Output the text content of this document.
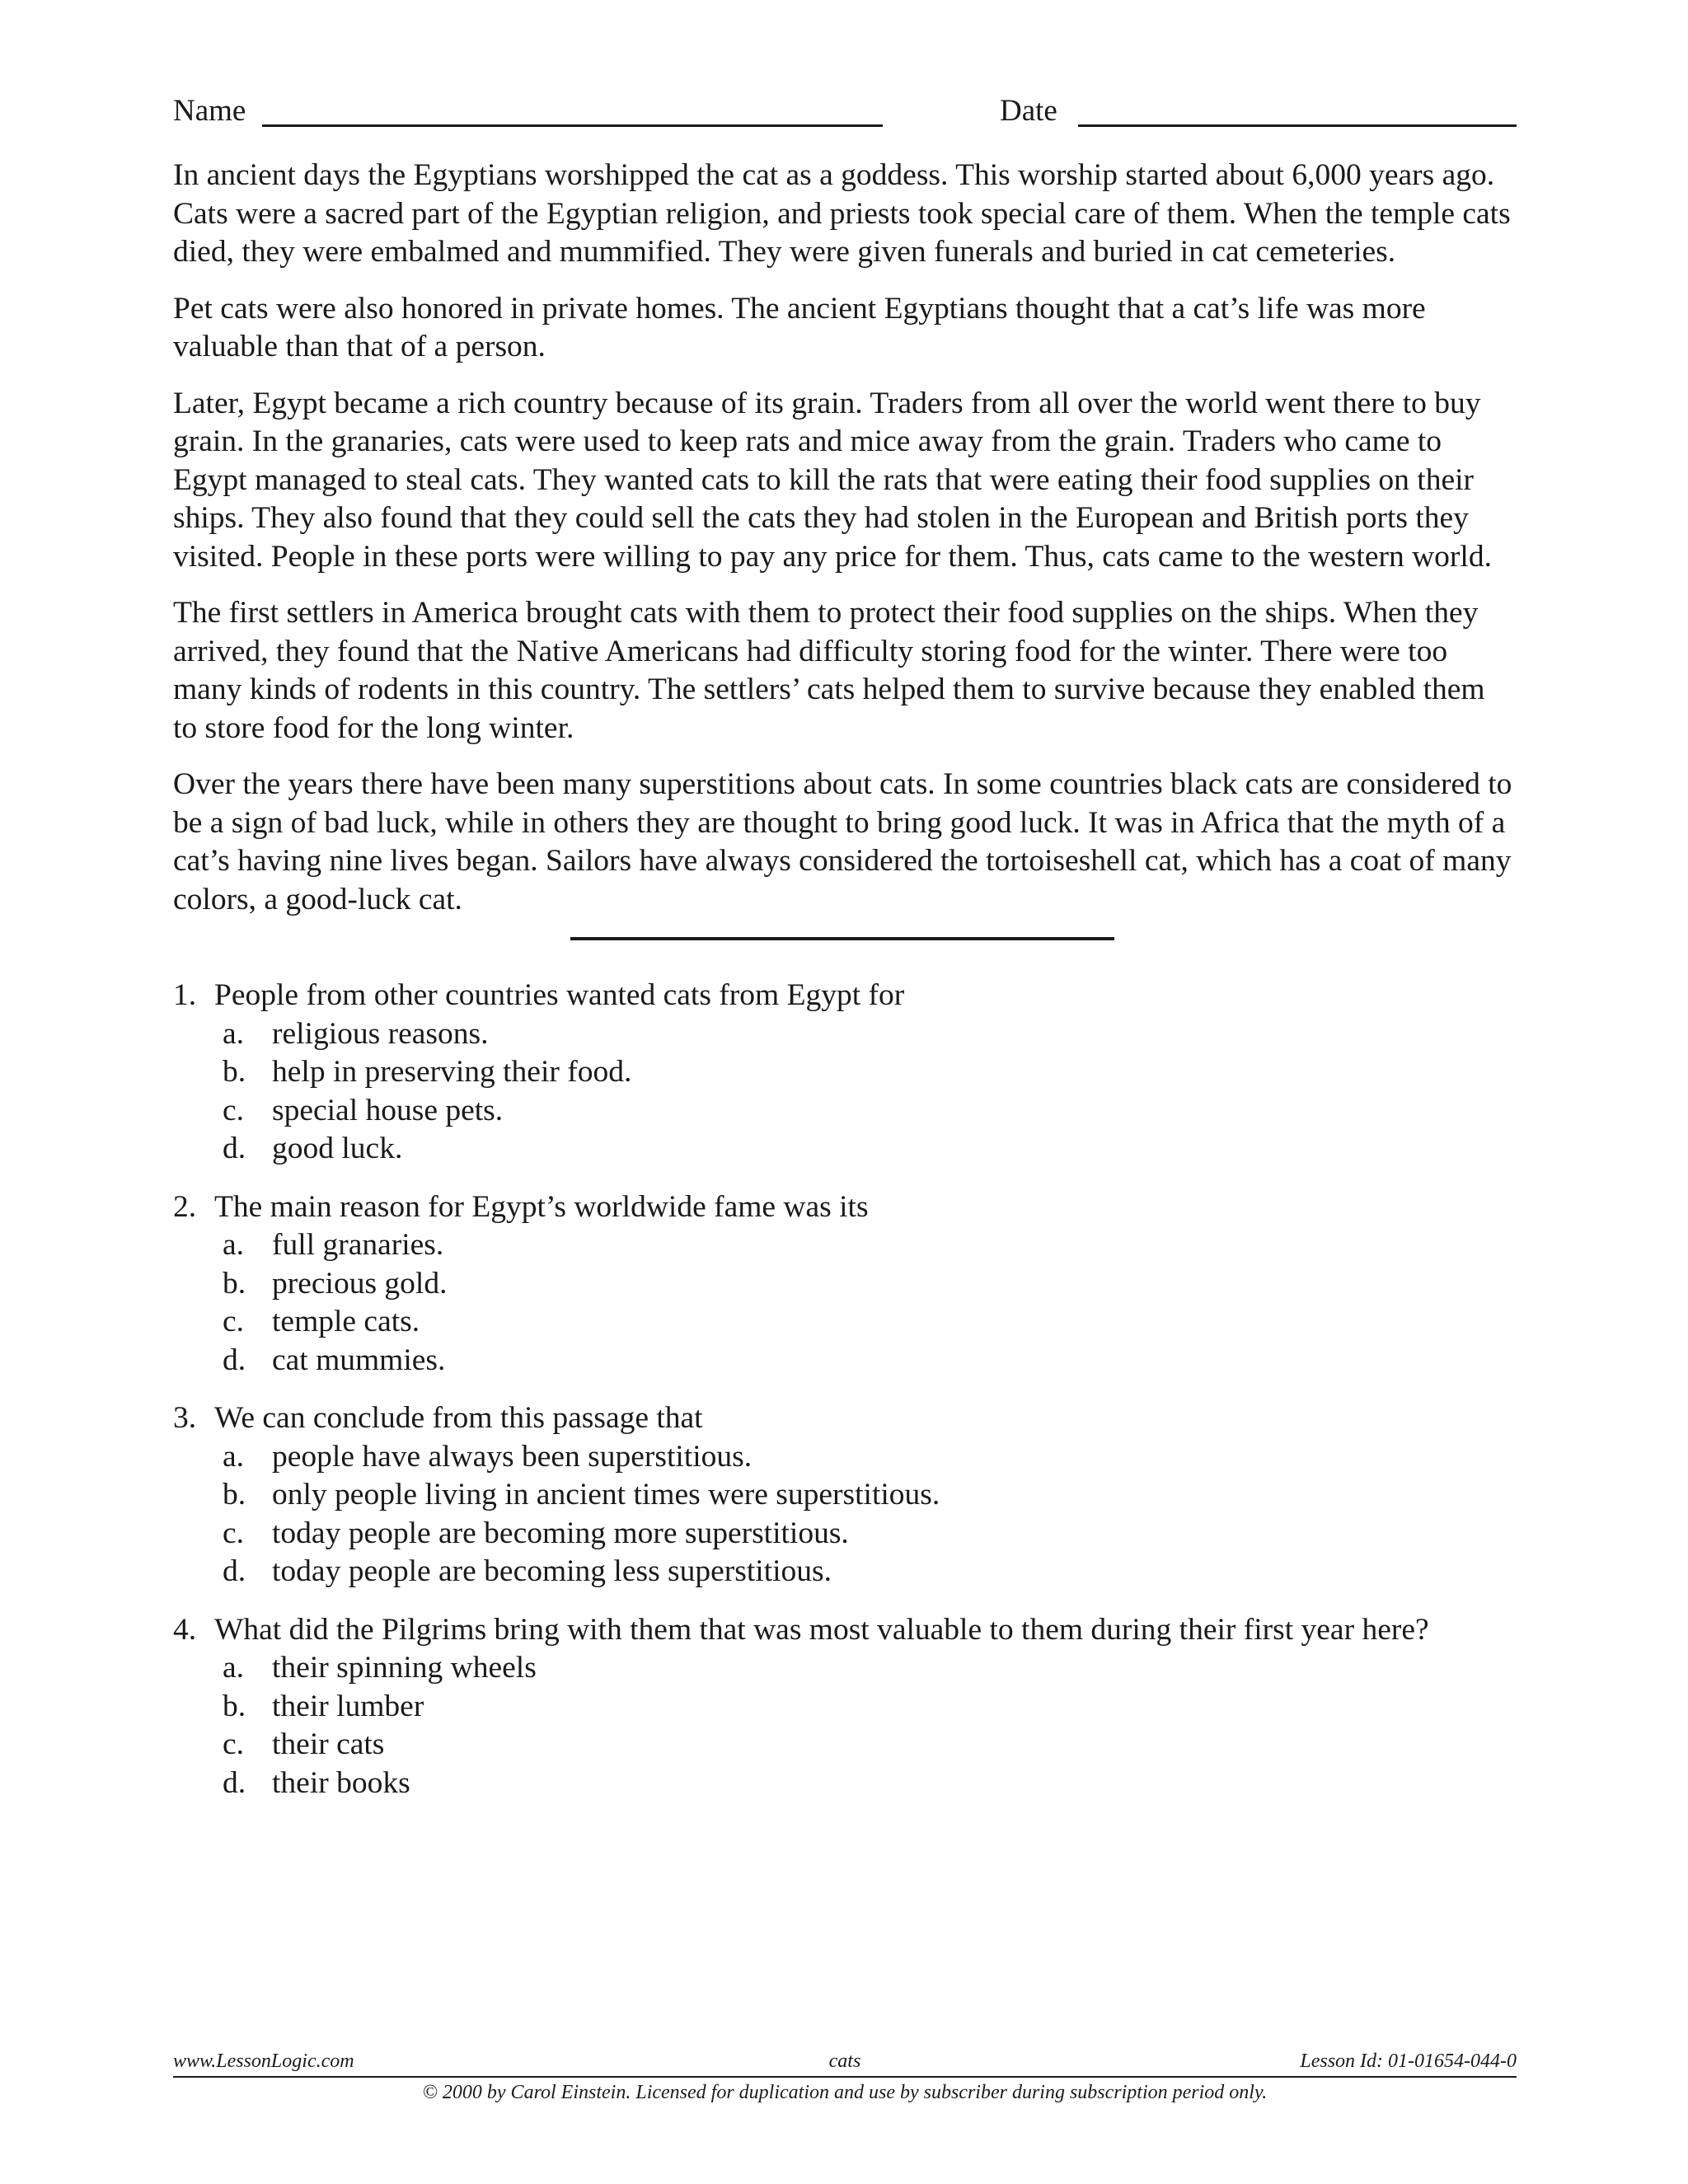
Name	Date

In ancient days the Egyptians worshipped the cat as a goddess. This worship started about 6,000 years ago. Cats were a sacred part of the Egyptian religion, and priests took special care of them. When the temple cats died, they were embalmed and mummified. They were given funerals and buried in cat cemeteries.

Pet cats were also honored in private homes. The ancient Egyptians thought that a cat’s life was more valuable than that of a person.

Later, Egypt became a rich country because of its grain. Traders from all over the world went there to buy grain. In the granaries, cats were used to keep rats and mice away from the grain. Traders who came to Egypt managed to steal cats. They wanted cats to kill the rats that were eating their food supplies on their ships. They also found that they could sell the cats they had stolen in the European and British ports they visited. People in these ports were willing to pay any price for them. Thus, cats came to the western world.

The first settlers in America brought cats with them to protect their food supplies on the ships. When they arrived, they found that the Native Americans had difficulty storing food for the winter. There were too many kinds of rodents in this country. The settlers’ cats helped them to survive because they enabled them to store food for the long winter.

Over the years there have been many superstitions about cats. In some countries black cats are considered to be a sign of bad luck, while in others they are thought to bring good luck. It was in Africa that the myth of a cat’s having nine lives began. Sailors have always considered the tortoiseshell cat, which has a coat of many colors, a good-luck cat.

1. People from other countries wanted cats from Egypt for
a. religious reasons.
b. help in preserving their food.
c. special house pets.
d. good luck.
2. The main reason for Egypt’s worldwide fame was its
a. full granaries.
b. precious gold.
c. temple cats.
d. cat mummies.
3. We can conclude from this passage that
a. people have always been superstitious.
b. only people living in ancient times were superstitious.
c. today people are becoming more superstitious.
d. today people are becoming less superstitious.
4. What did the Pilgrims bring with them that was most valuable to them during their first year here?
a. their spinning wheels
b. their lumber
c. their cats
d. their books
cats
www.LessonLogic.com	Lesson Id: 01-01654-044-0
© 2000 by Carol Einstein. Licensed for duplication and use by subscriber during subscription period only.
